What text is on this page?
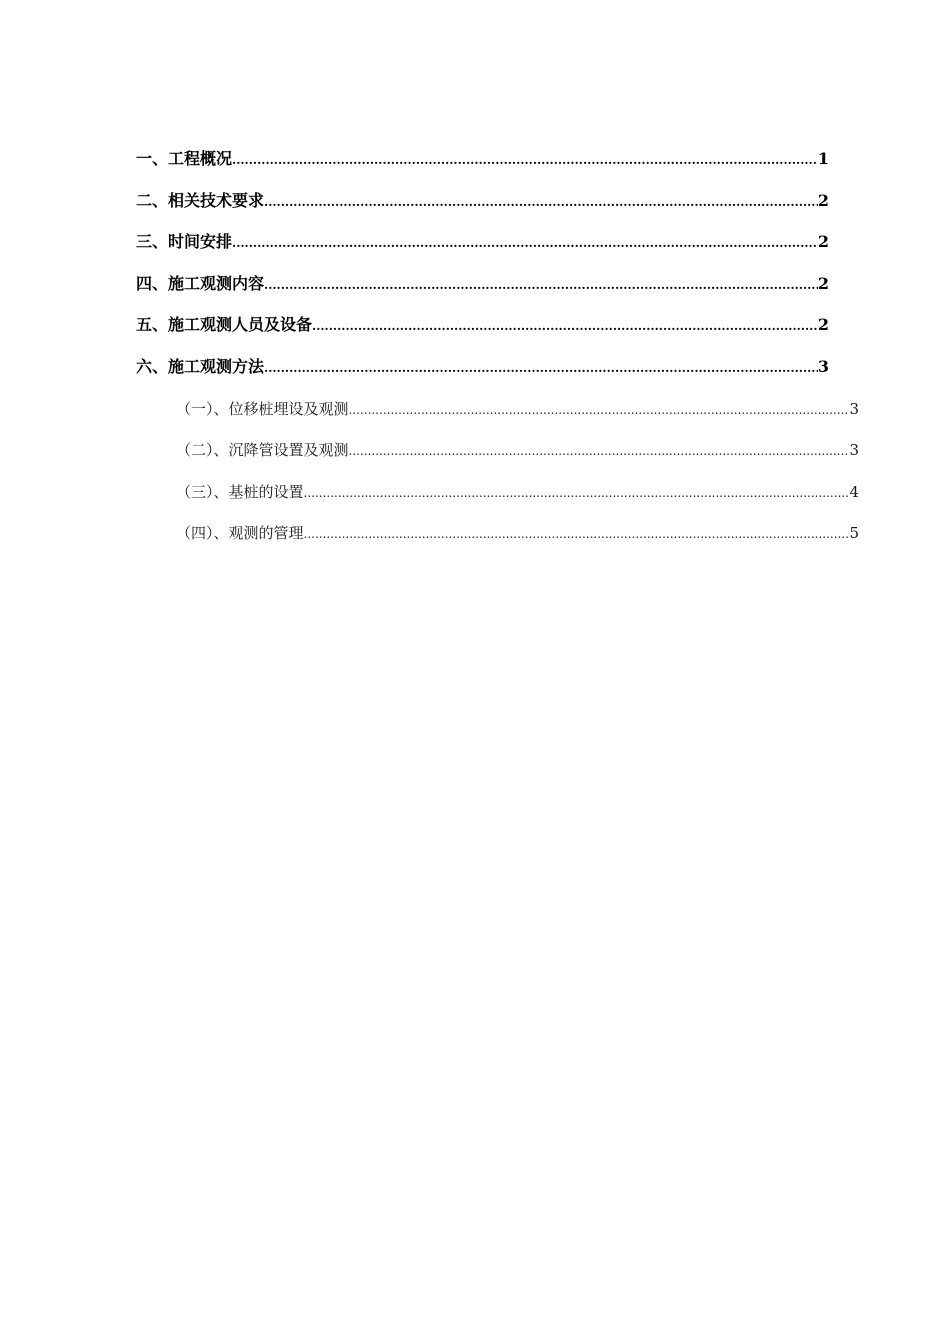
一、工程概况 .....	1
二、相关技术要求 .....	2
三、时间安排 .....	2
四、施工观测内容 .....	2
五、施工观测人员及设备 .....	2
六、施工观测方法 .....	3
（一）、位移桩埋设及观测 .....	3
（二）、沉降管设置及观测 .....	3
（三）、基桩的设置 .....	4
（四）、观测的管理 .....	5
